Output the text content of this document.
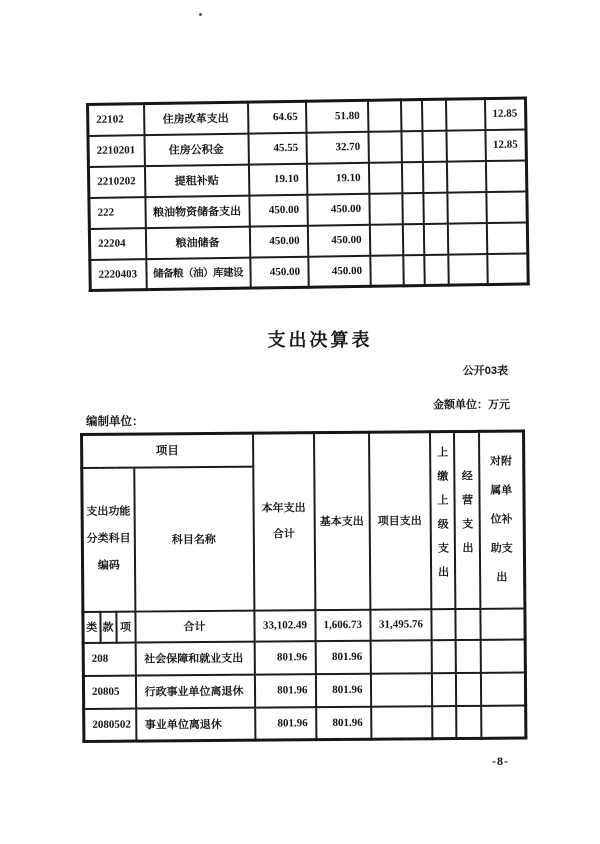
22102	住房改革支出	64.65	51.80					12.85
2210201	住房公积金	45.55	32.70					12.85
2210202	提租补贴	19.10	19.10					
222	粮油物资储备支出	450.00	450.00					
22204	粮油储备	450.00	450.00					
2220403	储备粮（油）库建设	450.00	450.00					
支出决算表
公开03表
金额单位：万元
编制单位：
项目				本年支出合计	基本支出	项目支出	上缴上级支出	经营支出	对附属单位补助支出
支出功能分类科目编码			科目名称						
类	款	项	合计	33,102.49	1,606.73	31,495.76			
208			社会保障和就业支出	801.96	801.96				
20805			行政事业单位离退休	801.96	801.96				
2080502			事业单位离退休	801.96	801.96				
-8-
